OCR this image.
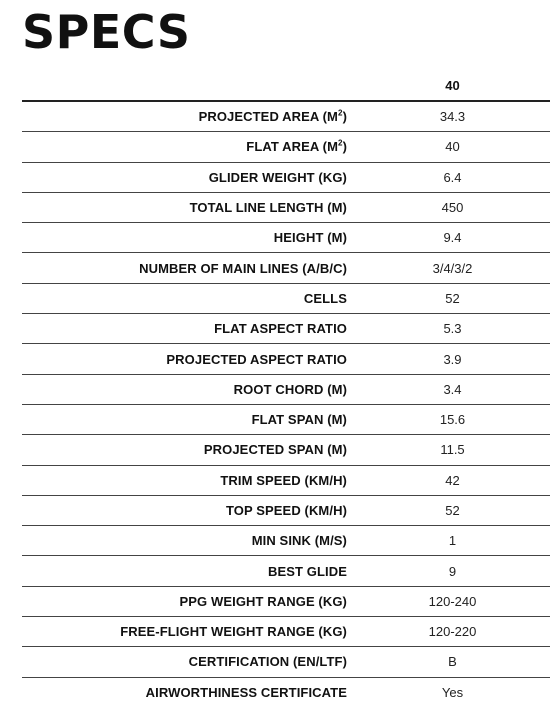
SPECS
	40
PROJECTED AREA $(M^2)$	34.3
FLAT AREA $(M^2)$	40
GLIDER WEIGHT (KG)	6.4
TOTAL LINE LENGTH (M)	450
HEIGHT (M)	9.4
NUMBER OF MAIN LINES (A/B/C)	3/4/3/2
CELLS	52
FLAT ASPECT RATIO	5.3
PROJECTED ASPECT RATIO	3.9
ROOT CHORD (M)	3.4
FLAT SPAN (M)	15.6
PROJECTED SPAN (M)	11.5
TRIM SPEED (KM/H)	42
TOP SPEED (KM/H)	52
MIN SINK (M/S)	1
BEST GLIDE	9
PPG WEIGHT RANGE (KG)	120-240
FREE-FLIGHT WEIGHT RANGE (KG)	120-220
CERTIFICATION (EN/LTF)	B
AIRWORTHINESS CERTIFICATE	Yes
